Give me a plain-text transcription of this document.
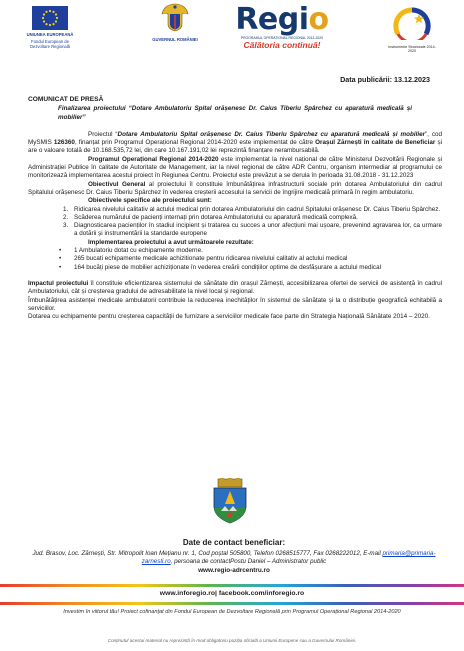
UNIUNEA EUROPEANĂ
Fondul European de Dezvoltare Regională
GUVERNUL ROMÂNIEI
Regio
PROGRAMUL OPERAȚIONAL REGIONAL 2014-2020
Călătoria continuă!	Instrumente Structurale 2014-2020
Data publicării: 13.12.2023

COMUNICAT DE PRESĂ

Finalizarea proiectului “Dotare Ambulatoriu Spital orășenesc Dr. Caius Tiberiu Spârchez cu aparatură medicală și mobilier”

Proiectul “Dotare Ambulatoriu Spital orășenesc Dr. Caius Tiberiu Spârchez cu aparatură medicală și mobilier”, cod MySMIS 126360, finanțat prin Programul Operațional Regional 2014-2020 este implementat de către Orașul Zărnești în calitate de Beneficiar și are o valoare totală de 10.168.535,72 lei, din care 10.167.191,02 lei reprezintă finanțare nerambursabilă.

Programul Operațional Regional 2014-2020 este implementat la nivel național de către Ministerul Dezvoltării Regionale și Administrației Publice în calitate de Autoritate de Management, iar la nivel regional de către ADR Centru, organism intermediar al programului ce monitorizează implementarea acestui proiect în Regiunea Centru. Proiectul este prevăzut a se derula în perioada 31.08.2018 - 31.12.2023

Obiectivul General al proiectului îl constituie îmbunătățirea infrastructurii sociale prin dotarea Ambulatoriului din cadrul Spitalului orășenesc Dr. Caius Tiberiu Spârchez în vederea creșterii accesului la servicii de îngrijire medicală primară în regim ambulatoriu.

Obiectivele specifice ale proiectului sunt:

1. Ridicarea nivelului calitativ al actului medical prin dotarea Ambulatoriului din cadrul Spitalului orășenesc Dr. Caius Tiberiu Spârchez.
2. Scăderea numărului de pacienți internați prin dotarea Ambulatoriului cu aparatură medicală complexă.
3. Diagnosticarea pacienților în stadiul incipient și tratarea cu succes a unor afecțiuni mai ușoare, prevenind agravarea lor, ca urmare a dotării și instrumentării la standarde europene

Implementarea proiectului a avut următoarele rezultate:

• 1 Ambulatoriu dotat cu echipamente moderne.
• 265 bucati echipamente medicale achizitionate pentru ridicarea nivelului calitativ al actului medical
• 164 bucăți piese de mobilier achiziționate în vederea creării condițiilor optime de desfășurare a actului medical

Impactul proiectului îl constituie eficientizarea sistemului de sănătate din orașul Zărnești, accesibilizarea ofertei de servicii de asistență în cadrul Ambulatoriului, cât și creșterea gradului de adresabilitate la nivel local și regional.

Îmbunătățirea asistenței medicale ambulatorii contribuie la reducerea inechităților în sistemul de sănătate și la o distribuție geografică echitabilă a serviciilor.

Dotarea cu echipamente pentru creșterea capacității de furnizare a serviciilor medicale face parte din Strategia Națională Sănătate 2014 – 2020.

Date de contact beneficiar:
Jud. Brasov, Loc. Zărnești, Str. Mitropolit Ioan Mețianu nr. 1, Cod poștal 505800, Telefon 0268515777, Fax 0268222012, E-mail primaria@primaria-zarnesti.ro, persoana de contactPostu Daniel – Administrator public
www.regio-adrcentru.ro
www.inforegio.ro| facebook.com/inforegio.ro
Investim în viitorul tău! Proiect cofinanțat din Fondul European de Dezvoltare Regională prin Programul Operațional Regional 2014-2020
Conținutul acestui material nu reprezintă în mod obligatoriu poziția oficială a Uniunii Europene sau a Guvernului României.
